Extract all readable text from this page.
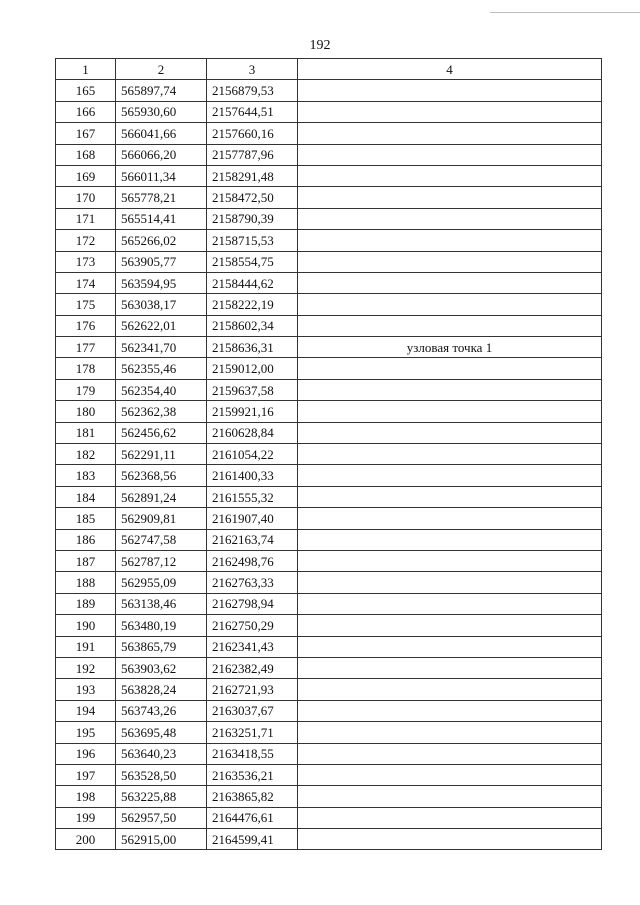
192
1	2	3	4
165	565897,74	2156879,53	
166	565930,60	2157644,51	
167	566041,66	2157660,16	
168	566066,20	2157787,96	
169	566011,34	2158291,48	
170	565778,21	2158472,50	
171	565514,41	2158790,39	
172	565266,02	2158715,53	
173	563905,77	2158554,75	
174	563594,95	2158444,62	
175	563038,17	2158222,19	
176	562622,01	2158602,34	
177	562341,70	2158636,31	узловая точка 1
178	562355,46	2159012,00	
179	562354,40	2159637,58	
180	562362,38	2159921,16	
181	562456,62	2160628,84	
182	562291,11	2161054,22	
183	562368,56	2161400,33	
184	562891,24	2161555,32	
185	562909,81	2161907,40	
186	562747,58	2162163,74	
187	562787,12	2162498,76	
188	562955,09	2162763,33	
189	563138,46	2162798,94	
190	563480,19	2162750,29	
191	563865,79	2162341,43	
192	563903,62	2162382,49	
193	563828,24	2162721,93	
194	563743,26	2163037,67	
195	563695,48	2163251,71	
196	563640,23	2163418,55	
197	563528,50	2163536,21	
198	563225,88	2163865,82	
199	562957,50	2164476,61	
200	562915,00	2164599,41	
